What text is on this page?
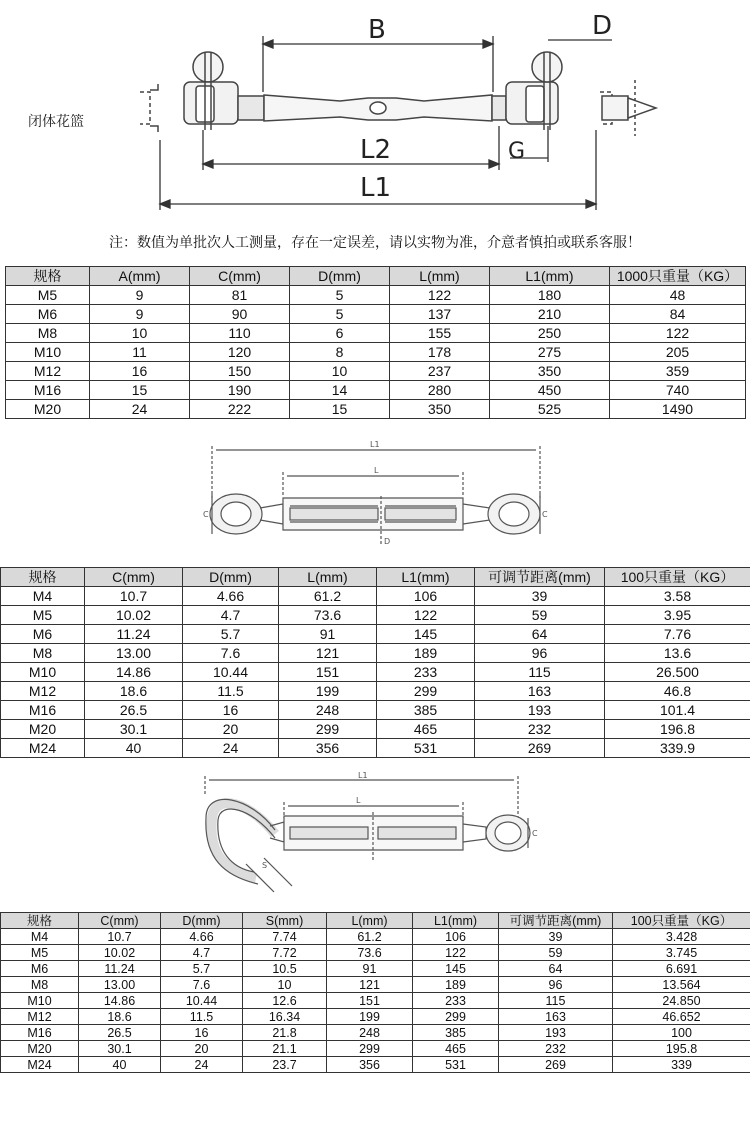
B	D
L2	G
L1
闭体花篮
注：数值为单批次人工测量，存在一定误差，请以实物为准，介意者慎拍或联系客服！
规格	A(mm)	C(mm)	D(mm)	L(mm)	L1(mm)	1000只重量（KG）
M5	9	81	5	122	180	48
M6	9	90	5	137	210	84
M8	10	110	6	155	250	122
M10	11	120	8	178	275	205
M12	16	150	10	237	350	359
M16	15	190	14	280	450	740
M20	24	222	15	350	525	1490
L1
L
C	C
D
规格	C(mm)	D(mm)	L(mm)	L1(mm)	可调节距离(mm)	100只重量（KG）
M4	10.7	4.66	61.2	106	39	3.58
M5	10.02	4.7	73.6	122	59	3.95
M6	11.24	5.7	91	145	64	7.76
M8	13.00	7.6	121	189	96	13.6
M10	14.86	10.44	151	233	115	26.500
M12	18.6	11.5	199	299	163	46.8
M16	26.5	16	248	385	193	101.4
M20	30.1	20	299	465	232	196.8
M24	40	24	356	531	269	339.9
L1
L
C
S
规格	C(mm)	D(mm)	S(mm)	L(mm)	L1(mm)	可调节距离(mm)	100只重量（KG）
M4	10.7	4.66	7.74	61.2	106	39	3.428
M5	10.02	4.7	7.72	73.6	122	59	3.745
M6	11.24	5.7	10.5	91	145	64	6.691
M8	13.00	7.6	10	121	189	96	13.564
M10	14.86	10.44	12.6	151	233	115	24.850
M12	18.6	11.5	16.34	199	299	163	46.652
M16	26.5	16	21.8	248	385	193	100
M20	30.1	20	21.1	299	465	232	195.8
M24	40	24	23.7	356	531	269	339
